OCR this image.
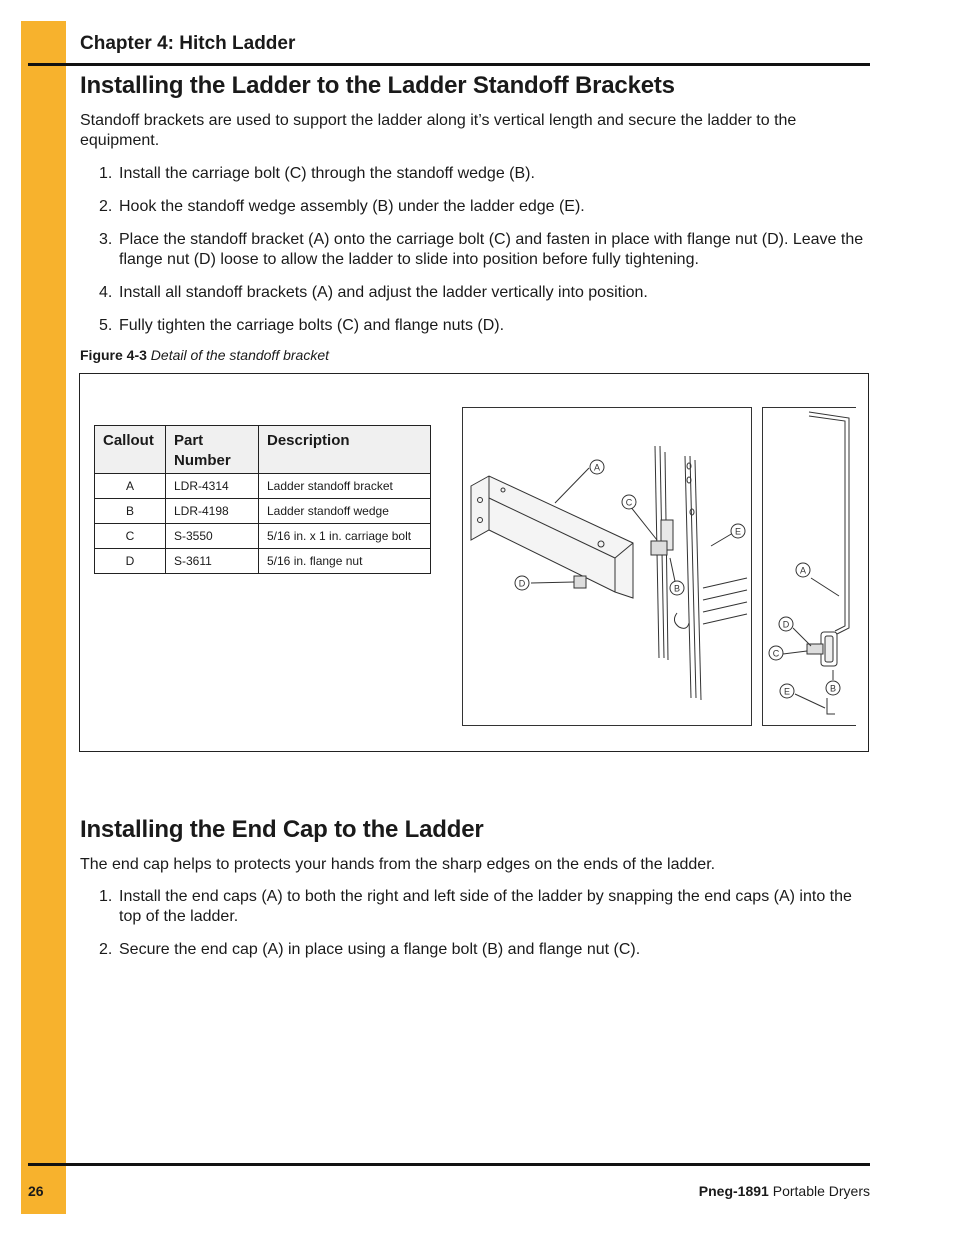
Chapter 4: Hitch Ladder
Installing the Ladder to the Ladder Standoff Brackets

Standoff brackets are used to support the ladder along it’s vertical length and secure the ladder to the equipment.

1. Install the carriage bolt (C) through the standoff wedge (B).
2. Hook the standoff wedge assembly (B) under the ladder edge (E).
3. Place the standoff bracket (A) onto the carriage bolt (C) and fasten in place with flange nut (D). Leave the flange nut (D) loose to allow the ladder to slide into position before fully tightening.
4. Install all standoff brackets (A) and adjust the ladder vertically into position.
5. Fully tighten the carriage bolts (C) and flange nuts (D).
Figure 4-3 Detail of the standoff bracket
Callout	Part Number	Description
A	LDR-4314	Ladder standoff bracket
B	LDR-4198	Ladder standoff wedge
C	S-3550	5/16 in. x 1 in. carriage bolt
D	S-3611	5/16 in. flange nut
A
C
E
D	B
A
D
C
E	B
Installing the End Cap to the Ladder

The end cap helps to protects your hands from the sharp edges on the ends of the ladder.

1. Install the end caps (A) to both the right and left side of the ladder by snapping the end caps (A) into the top of the ladder.
2. Secure the end cap (A) in place using a flange bolt (B) and flange nut (C).
26	Pneg-1891 Portable Dryers
